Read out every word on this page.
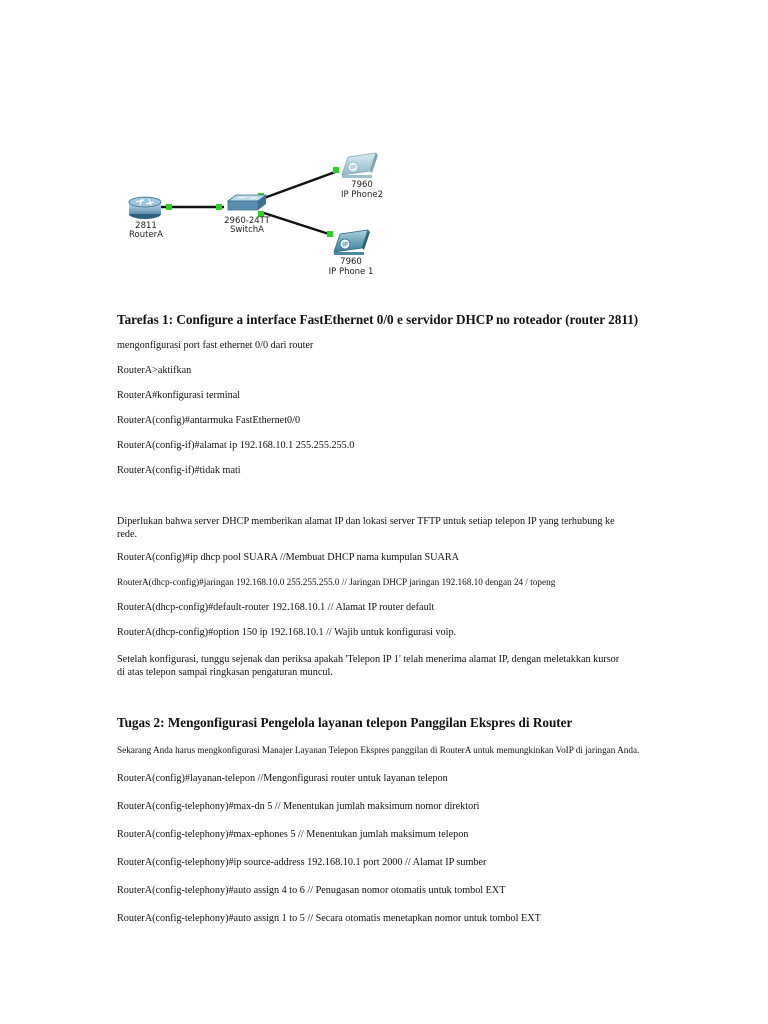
2811
RouterA
2960-24TT
SwitchA
IP
7960
IP Phone2
IP
7960
IP Phone 1

Tarefas 1: Configure a interface FastEthernet 0/0 e servidor DHCP no roteador (router 2811)

mengonfigurasi port fast ethernet 0/0 dari router

RouterA>aktifkan

RouterA#konfigurasi terminal

RouterA(config)#antarmuka FastEthernet0/0

RouterA(config-if)#alamat ip 192.168.10.1 255.255.255.0

RouterA(config-if)#tidak mati

Diperlukan bahwa server DHCP memberikan alamat IP dan lokasi server TFTP untuk setiap telepon IP yang terhubung ke rede.

RouterA(config)#ip dhcp pool SUARA //Membuat DHCP nama kumpulan SUARA

RouterA(dhcp-config)#jaringan 192.168.10.0 255.255.255.0 // Jaringan DHCP jaringan 192.168.10 dengan 24 / topeng

RouterA(dhcp-config)#default-router 192.168.10.1 // Alamat IP router default

RouterA(dhcp-config)#option 150 ip 192.168.10.1 // Wajib untuk konfigurasi voip.

Setelah konfigurasi, tunggu sejenak dan periksa apakah 'Telepon IP 1' telah menerima alamat IP, dengan meletakkan kursor di atas telepon sampai ringkasan pengaturan muncul.

Tugas 2: Mengonfigurasi Pengelola layanan telepon Panggilan Ekspres di Router

Sekarang Anda harus mengkonfigurasi Manajer Layanan Telepon Ekspres panggilan di RouterA untuk memungkinkan VoIP di jaringan Anda.

RouterA(config)#layanan-telepon //Mengonfigurasi router untuk layanan telepon

RouterA(config-telephony)#max-dn 5 // Menentukan jumlah maksimum nomor direktori

RouterA(config-telephony)#max-ephones 5 // Menentukan jumlah maksimum telepon

RouterA(config-telephony)#ip source-address 192.168.10.1 port 2000 // Alamat IP sumber

RouterA(config-telephony)#auto assign 4 to 6 // Penugasan nomor otomatis untuk tombol EXT

RouterA(config-telephony)#auto assign 1 to 5 // Secara otomatis menetapkan nomor untuk tombol EXT
